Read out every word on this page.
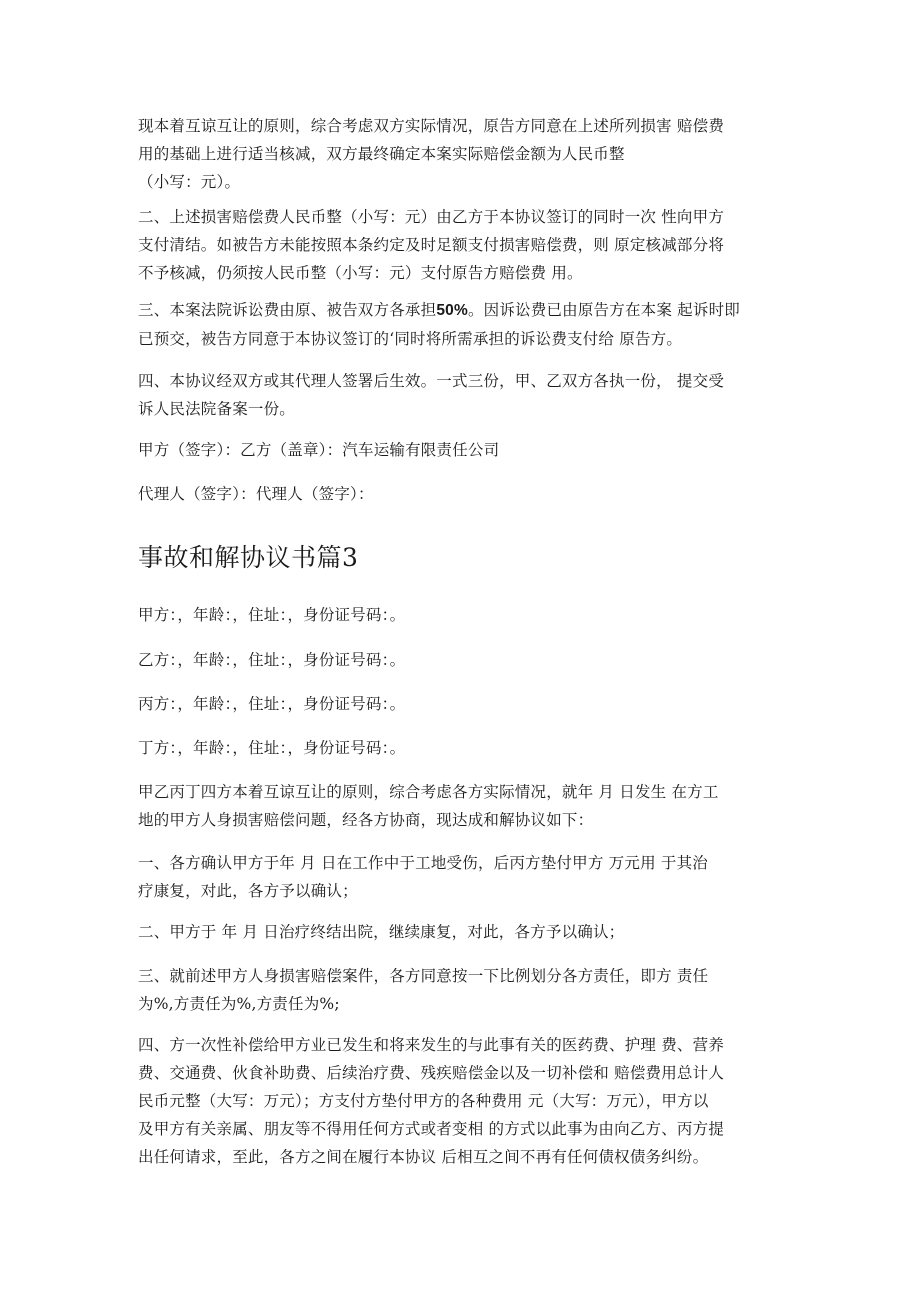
现本着互谅互让的原则，综合考虑双方实际情况，原告方同意在上述所列损害 赔偿费
用的基础上进行适当核减，双方最终确定本案实际赔偿金额为人民币整
（小写：元）。

二、上述损害赔偿费人民币整（小写：元）由乙方于本协议签订的同时一次 性向甲方
支付清结。如被告方未能按照本条约定及时足额支付损害赔偿费，则 原定核减部分将
不予核减，仍须按人民币整（小写：元）支付原告方赔偿费 用。

三、本案法院诉讼费由原、被告双方各承担50%。因诉讼费已由原告方在本案 起诉时即
已预交，被告方同意于本协议签订的‘同时将所需承担的诉讼费支付给 原告方。

四、本协议经双方或其代理人签署后生效。一式三份，甲、乙双方各执一份， 提交受
诉人民法院备案一份。

甲方（签字）：乙方（盖章）：汽车运输有限责任公司

代理人（签字）：代理人（签字）：

事故和解协议书篇3

甲方：，年龄：，住址：，身份证号码：。

乙方：，年龄：，住址：，身份证号码：。

丙方：，年龄：，住址：，身份证号码：。

丁方：，年龄：，住址：，身份证号码：。

甲乙丙丁四方本着互谅互让的原则，综合考虑各方实际情况，就年 月 日发生 在方工
地的甲方人身损害赔偿问题，经各方协商，现达成和解协议如下：

一、各方确认甲方于年 月 日在工作中于工地受伤，后丙方垫付甲方 万元用 于其治
疗康复，对此，各方予以确认；

二、甲方于 年 月 日治疗终结出院，继续康复，对此，各方予以确认；

三、就前述甲方人身损害赔偿案件，各方同意按一下比例划分各方责任，即方 责任
为%,方责任为%,方责任为%;

四、方一次性补偿给甲方业已发生和将来发生的与此事有关的医药费、护理 费、营养
费、交通费、伙食补助费、后续治疗费、残疾赔偿金以及一切补偿和 赔偿费用总计人
民币元整（大写：万元）；方支付方垫付甲方的各种费用 元（大写：万元），甲方以
及甲方有关亲属、朋友等不得用任何方式或者变相 的方式以此事为由向乙方、丙方提
出任何请求，至此，各方之间在履行本协议 后相互之间不再有任何债权债务纠纷。
